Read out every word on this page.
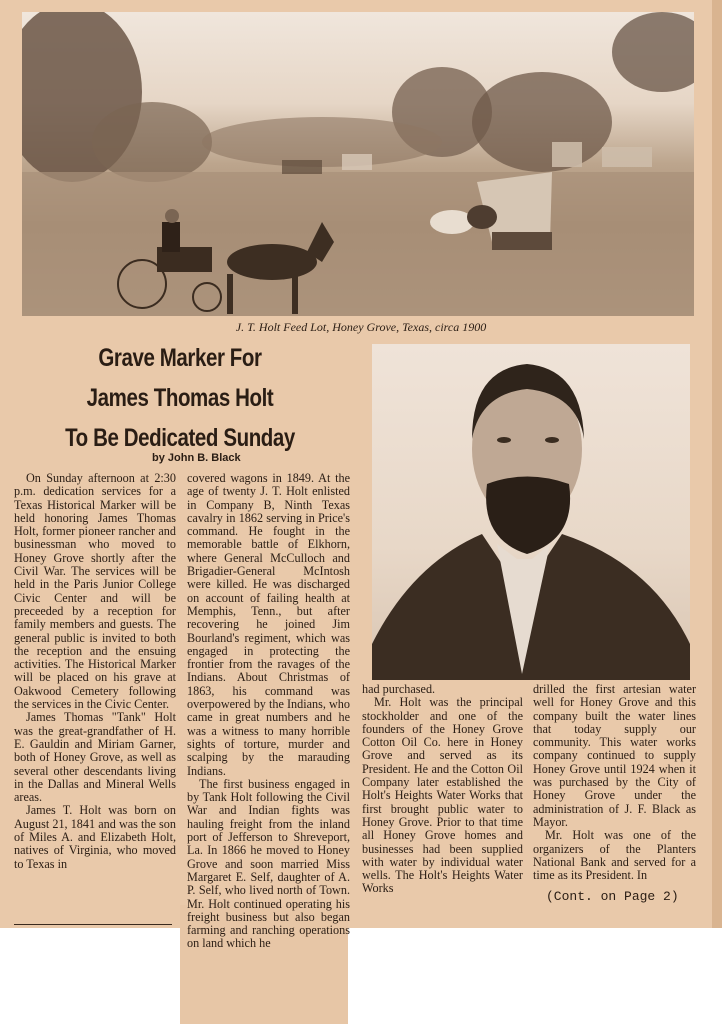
J. T. Holt Feed Lot, Honey Grove, Texas, circa 1900
Grave Marker For
James Thomas Holt
To Be Dedicated Sunday
by John B. Black

On Sunday afternoon at 2:30 p.m. dedication services for a Texas Historical Marker will be held honoring James Thomas Holt, former pioneer rancher and businessman who moved to Honey Grove shortly after the Civil War. The services will be held in the Paris Junior College Civic Center and will be preceeded by a reception for family members and guests. The general public is invited to both the reception and the ensuing activities. The Historical Marker will be placed on his grave at Oakwood Cemetery following the services in the Civic Center.

James Thomas "Tank" Holt was the great-grandfather of H. E. Gauldin and Miriam Garner, both of Honey Grove, as well as several other descendants living in the Dallas and Mineral Wells areas.

James T. Holt was born on August 21, 1841 and was the son of Miles A. and Elizabeth Holt, natives of Virginia, who moved to Texas in

covered wagons in 1849. At the age of twenty J. T. Holt enlisted in Company B, Ninth Texas cavalry in 1862 serving in Price's command. He fought in the memorable battle of Elkhorn, where General McCulloch and Brigadier-General McIntosh were killed. He was discharged on account of failing health at Memphis, Tenn., but after recovering he joined Jim Bourland's regiment, which was engaged in protecting the frontier from the ravages of the Indians. About Christmas of 1863, his command was overpowered by the Indians, who came in great numbers and he was a witness to many horrible sights of torture, murder and scalping by the marauding Indians.

The first business engaged in by Tank Holt following the Civil War and Indian fights was hauling freight from the inland port of Jefferson to Shreveport, La. In 1866 he moved to Honey Grove and soon married Miss Margaret E. Self, daughter of A. P. Self, who lived north of Town. Mr. Holt continued operating his freight business but also began farming and ranching operations on land which he

had purchased.

Mr. Holt was the principal stockholder and one of the founders of the Honey Grove Cotton Oil Co. here in Honey Grove and served as its President. He and the Cotton Oil Company later established the Holt's Heights Water Works that first brought public water to Honey Grove. Prior to that time all Honey Grove homes and businesses had been supplied with water by individual water wells. The Holt's Heights Water Works

drilled the first artesian water well for Honey Grove and this company built the water lines that today supply our community. This water works company continued to supply Honey Grove until 1924 when it was purchased by the City of Honey Grove under the administration of J. F. Black as Mayor.

Mr. Holt was one of the organizers of the Planters National Bank and served for a time as its President. In

(Cont. on Page 2)
